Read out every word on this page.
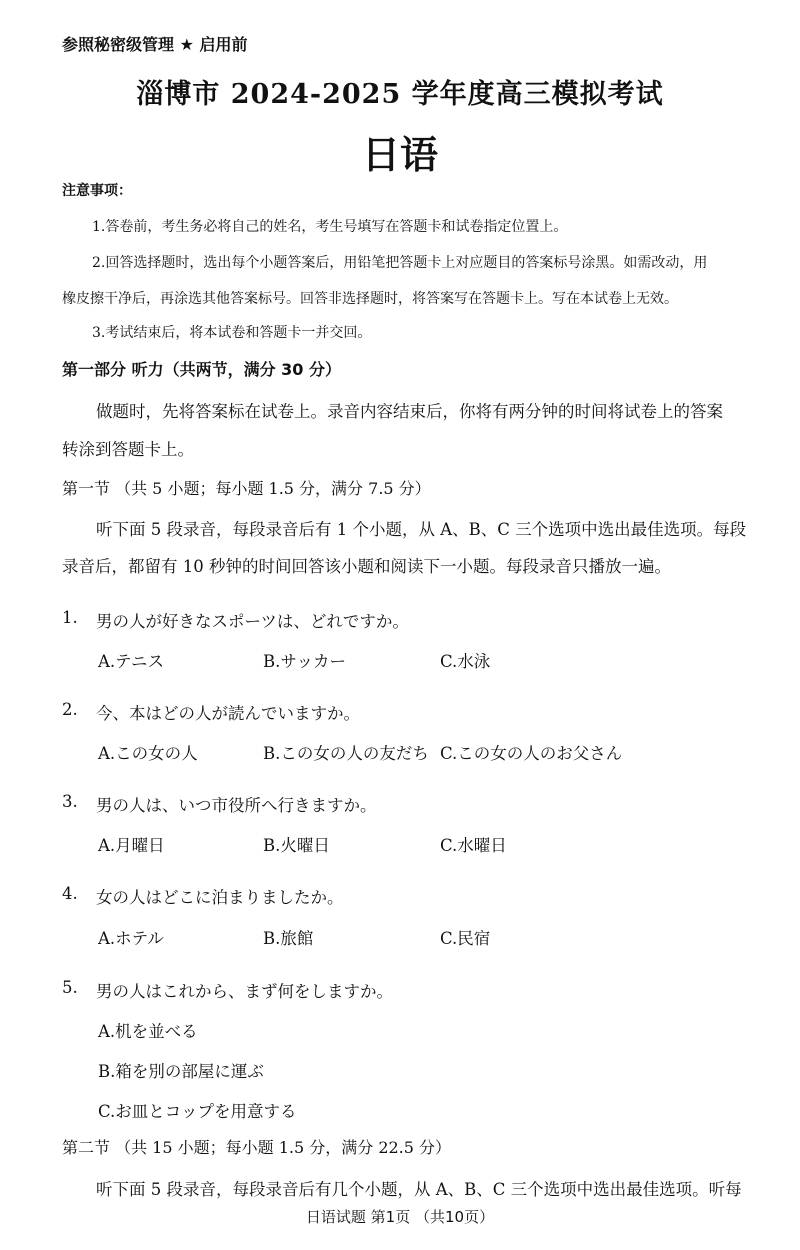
参照秘密级管理 ★ 启用前
淄博市 2024-2025 学年度高三模拟考试
日语
注意事项：
1.答卷前，考生务必将自己的姓名，考生号填写在答题卡和试卷指定位置上。
2.回答选择题时，选出每个小题答案后，用铅笔把答题卡上对应题目的答案标号涂黑。如需改动，用
橡皮擦干净后，再涂选其他答案标号。回答非选择题时，将答案写在答题卡上。写在本试卷上无效。
3.考试结束后，将本试卷和答题卡一并交回。
第一部分 听力（共两节，满分 30 分）
做题时，先将答案标在试卷上。录音内容结束后，你将有两分钟的时间将试卷上的答案
转涂到答题卡上。
第一节 （共 5 小题；每小题 1.5 分，满分 7.5 分）
听下面 5 段录音，每段录音后有 1 个小题，从 A、B、C 三个选项中选出最佳选项。每段
录音后，都留有 10 秒钟的时间回答该小题和阅读下一小题。每段录音只播放一遍。
1. 男の人が好きなスポーツは、どれですか。
A.テニス	B.サッカー	C.水泳
2. 今、本はどの人が読んでいますか。
A.この女の人	B.この女の人の友だち C.この女の人のお父さん
3. 男の人は、いつ市役所へ行きますか。
A.月曜日	B.火曜日	C.水曜日
4. 女の人はどこに泊まりましたか。
A.ホテル	B.旅館	C.民宿
5. 男の人はこれから、まず何をしますか。
A.机を並べる
B.箱を別の部屋に運ぶ
C.お皿とコップを用意する
第二节 （共 15 小题；每小题 1.5 分，满分 22.5 分）
听下面 5 段录音，每段录音后有几个小题，从 A、B、C 三个选项中选出最佳选项。听每
日语试题 第1页 （共10页）
